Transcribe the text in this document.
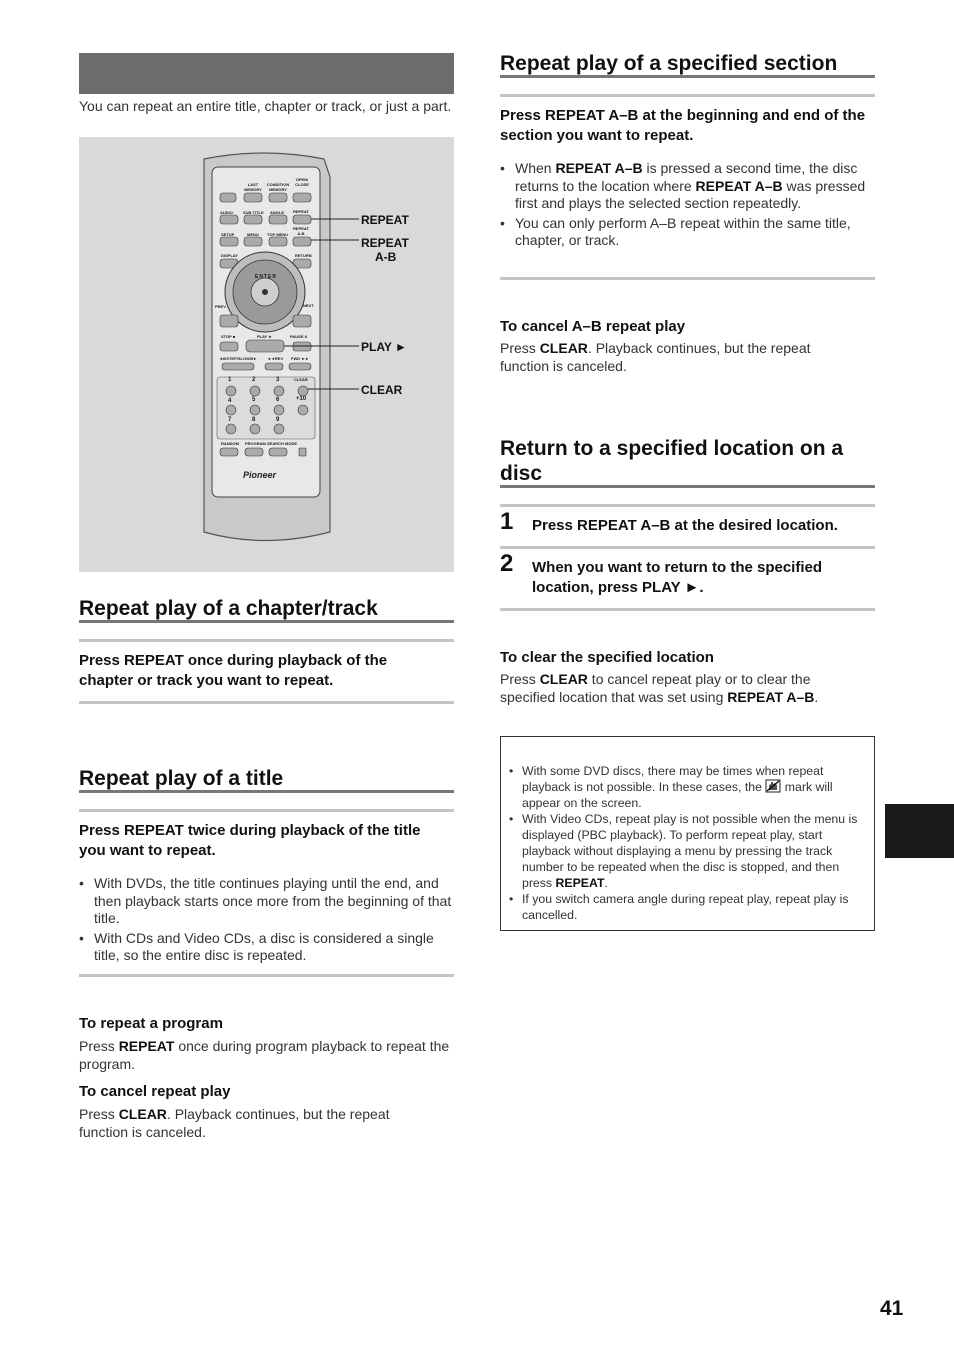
You can repeat an entire title, chapter or track, or just a part.

LAST MEMORY
CONDITION MEMORY
OPEN/ CLOSE
AUDIO	SUB TITLE ANGLE REPEAT
SETUP	MENU TOP MENU
REPEAT A-B
DISPLAY	RETURN
ENTER
PREV	NEXT
STOP ■	PLAY ►	PAUSE II
◄II/STEP/SLOW/II► ◄◄REV FWD ►►
CLEAR
1	2	3
4	5	6	+10
7	8	9
RANDOM PROGRAM SEARCH MODE
Pioneer
REPEAT
REPEAT
A-B
PLAY ►
CLEAR
Repeat play of a chapter/track

Press REPEAT once during playback of the chapter or track you want to repeat.

Repeat play of a title

Press REPEAT twice during playback of the title you want to repeat.

• With DVDs, the title continues playing until the end, and then playback starts once more from the beginning of that title.
• With CDs and Video CDs, a disc is considered a single title, so the entire disc is repeated.
To repeat a program

Press REPEAT once during program playback to repeat the program.

To cancel repeat play

Press CLEAR. Playback continues, but the repeat function is canceled.

Repeat play of a specified section

Press REPEAT A–B at the beginning and end of the section you want to repeat.

• When REPEAT A–B is pressed a second time, the disc returns to the location where REPEAT A–B was pressed first and plays the selected section repeatedly.
• You can only perform A–B repeat within the same title, chapter, or track.
To cancel A–B repeat play

Press CLEAR. Playback continues, but the repeat function is canceled.

Return to a specified location on a disc
1 Press REPEAT A–B at the desired location.

2 When you want to return to the specified location, press PLAY ►.

To clear the specified location

Press CLEAR to cancel repeat play or to clear the specified location that was set using REPEAT A–B.

• With some DVD discs, there may be times when repeat playback is not possible. In these cases, the  mark will appear on the screen.
• With Video CDs, repeat play is not possible when the menu is displayed (PBC playback). To perform repeat play, start playback without displaying a menu by pressing the track number to be repeated when the disc is stopped, and then press REPEAT.
• If you switch camera angle during repeat play, repeat play is cancelled.
41
